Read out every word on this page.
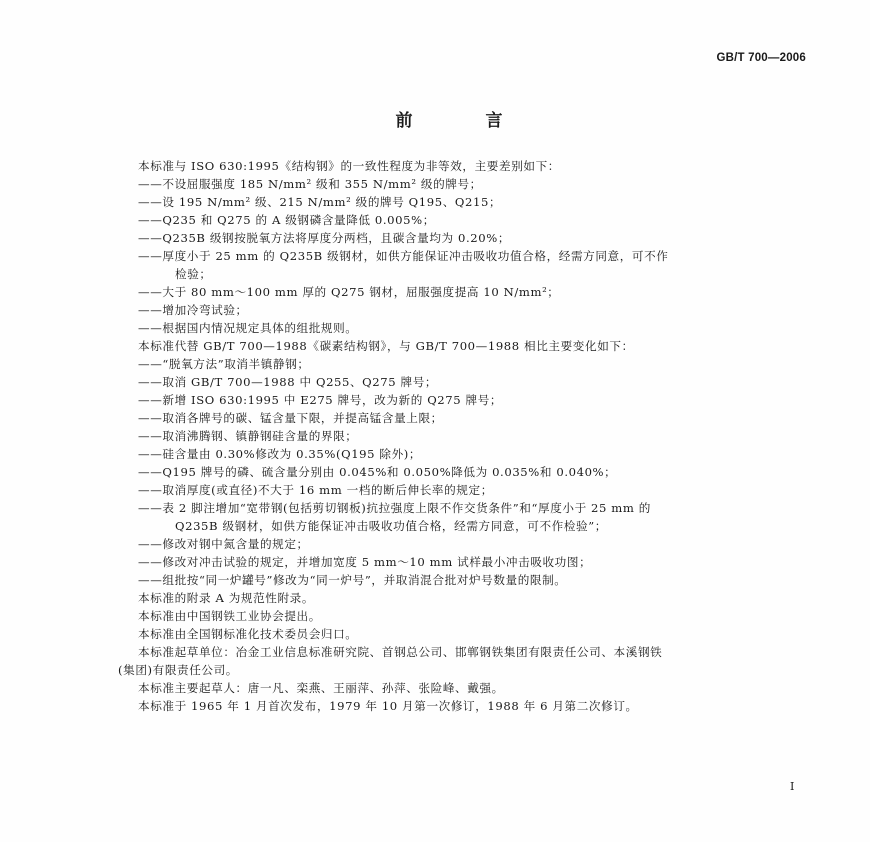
GB/T 700—2006
前　言
本标准与 ISO 630:1995《结构钢》的一致性程度为非等效，主要差别如下：
——不设屈服强度 185 N/mm² 级和 355 N/mm² 级的牌号；
——设 195 N/mm² 级、215 N/mm² 级的牌号 Q195、Q215；
——Q235 和 Q275 的 A 级钢磷含量降低 0.005%；
——Q235B 级钢按脱氧方法将厚度分两档，且碳含量均为 0.20%；
——厚度小于 25 mm 的 Q235B 级钢材，如供方能保证冲击吸收功值合格，经需方同意，可不作
检验；
——大于 80 mm～100 mm 厚的 Q275 钢材，屈服强度提高 10 N/mm²；
——增加冷弯试验；
——根据国内情况规定具体的组批规则。
本标准代替 GB/T 700—1988《碳素结构钢》，与 GB/T 700—1988 相比主要变化如下：
——“脱氧方法”取消半镇静钢；
——取消 GB/T 700—1988 中 Q255、Q275 牌号；
——新增 ISO 630:1995 中 E275 牌号，改为新的 Q275 牌号；
——取消各牌号的碳、锰含量下限，并提高锰含量上限；
——取消沸腾钢、镇静钢硅含量的界限；
——硅含量由 0.30%修改为 0.35%(Q195 除外)；
——Q195 牌号的磷、硫含量分别由 0.045%和 0.050%降低为 0.035%和 0.040%；
——取消厚度(或直径)不大于 16 mm 一档的断后伸长率的规定；
——表 2 脚注增加“宽带钢(包括剪切钢板)抗拉强度上限不作交货条件”和“厚度小于 25 mm 的
Q235B 级钢材，如供方能保证冲击吸收功值合格，经需方同意，可不作检验”；
——修改对钢中氮含量的规定；
——修改对冲击试验的规定，并增加宽度 5 mm～10 mm 试样最小冲击吸收功图；
——组批按“同一炉罐号”修改为“同一炉号”，并取消混合批对炉号数量的限制。
本标准的附录 A 为规范性附录。
本标准由中国钢铁工业协会提出。
本标准由全国钢标准化技术委员会归口。
本标准起草单位：冶金工业信息标准研究院、首钢总公司、邯郸钢铁集团有限责任公司、本溪钢铁
(集团)有限责任公司。
本标准主要起草人：唐一凡、栾燕、王丽萍、孙萍、张险峰、戴强。
本标准于 1965 年 1 月首次发布，1979 年 10 月第一次修订，1988 年 6 月第二次修订。
I
